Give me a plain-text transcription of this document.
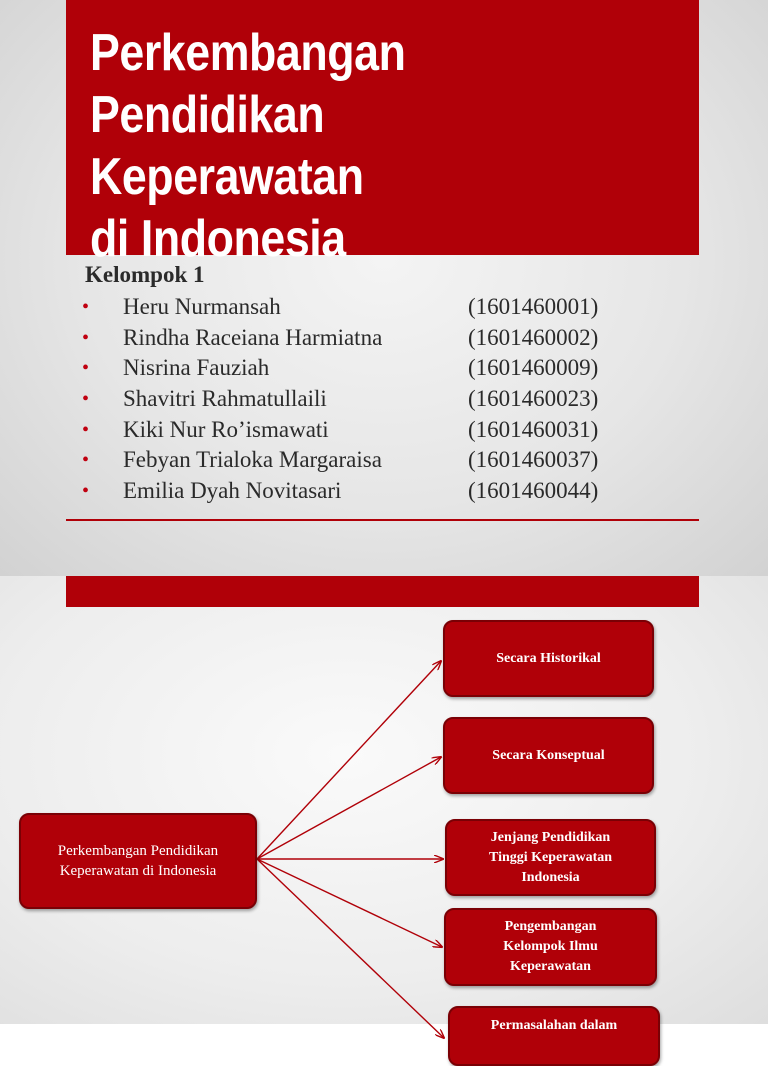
Perkembangan
Pendidikan Keperawatan
di Indonesia
Kelompok 1
• Heru Nurmansah	(1601460001)
• Rindha Raceiana Harmiatna	(1601460002)
• Nisrina Fauziah	(1601460009)
• Shavitri Rahmatullaili	(1601460023)
• Kiki Nur Ro’ismawati	(1601460031)
• Febyan Trialoka Margaraisa	(1601460037)
• Emilia Dyah Novitasari	(1601460044)
Perkembangan Pendidikan
Keperawatan di Indonesia
Secara Historikal
Secara Konseptual
Jenjang Pendidikan
Tinggi Keperawatan
Indonesia
Pengembangan
Kelompok Ilmu
Keperawatan
Permasalahan dalam
